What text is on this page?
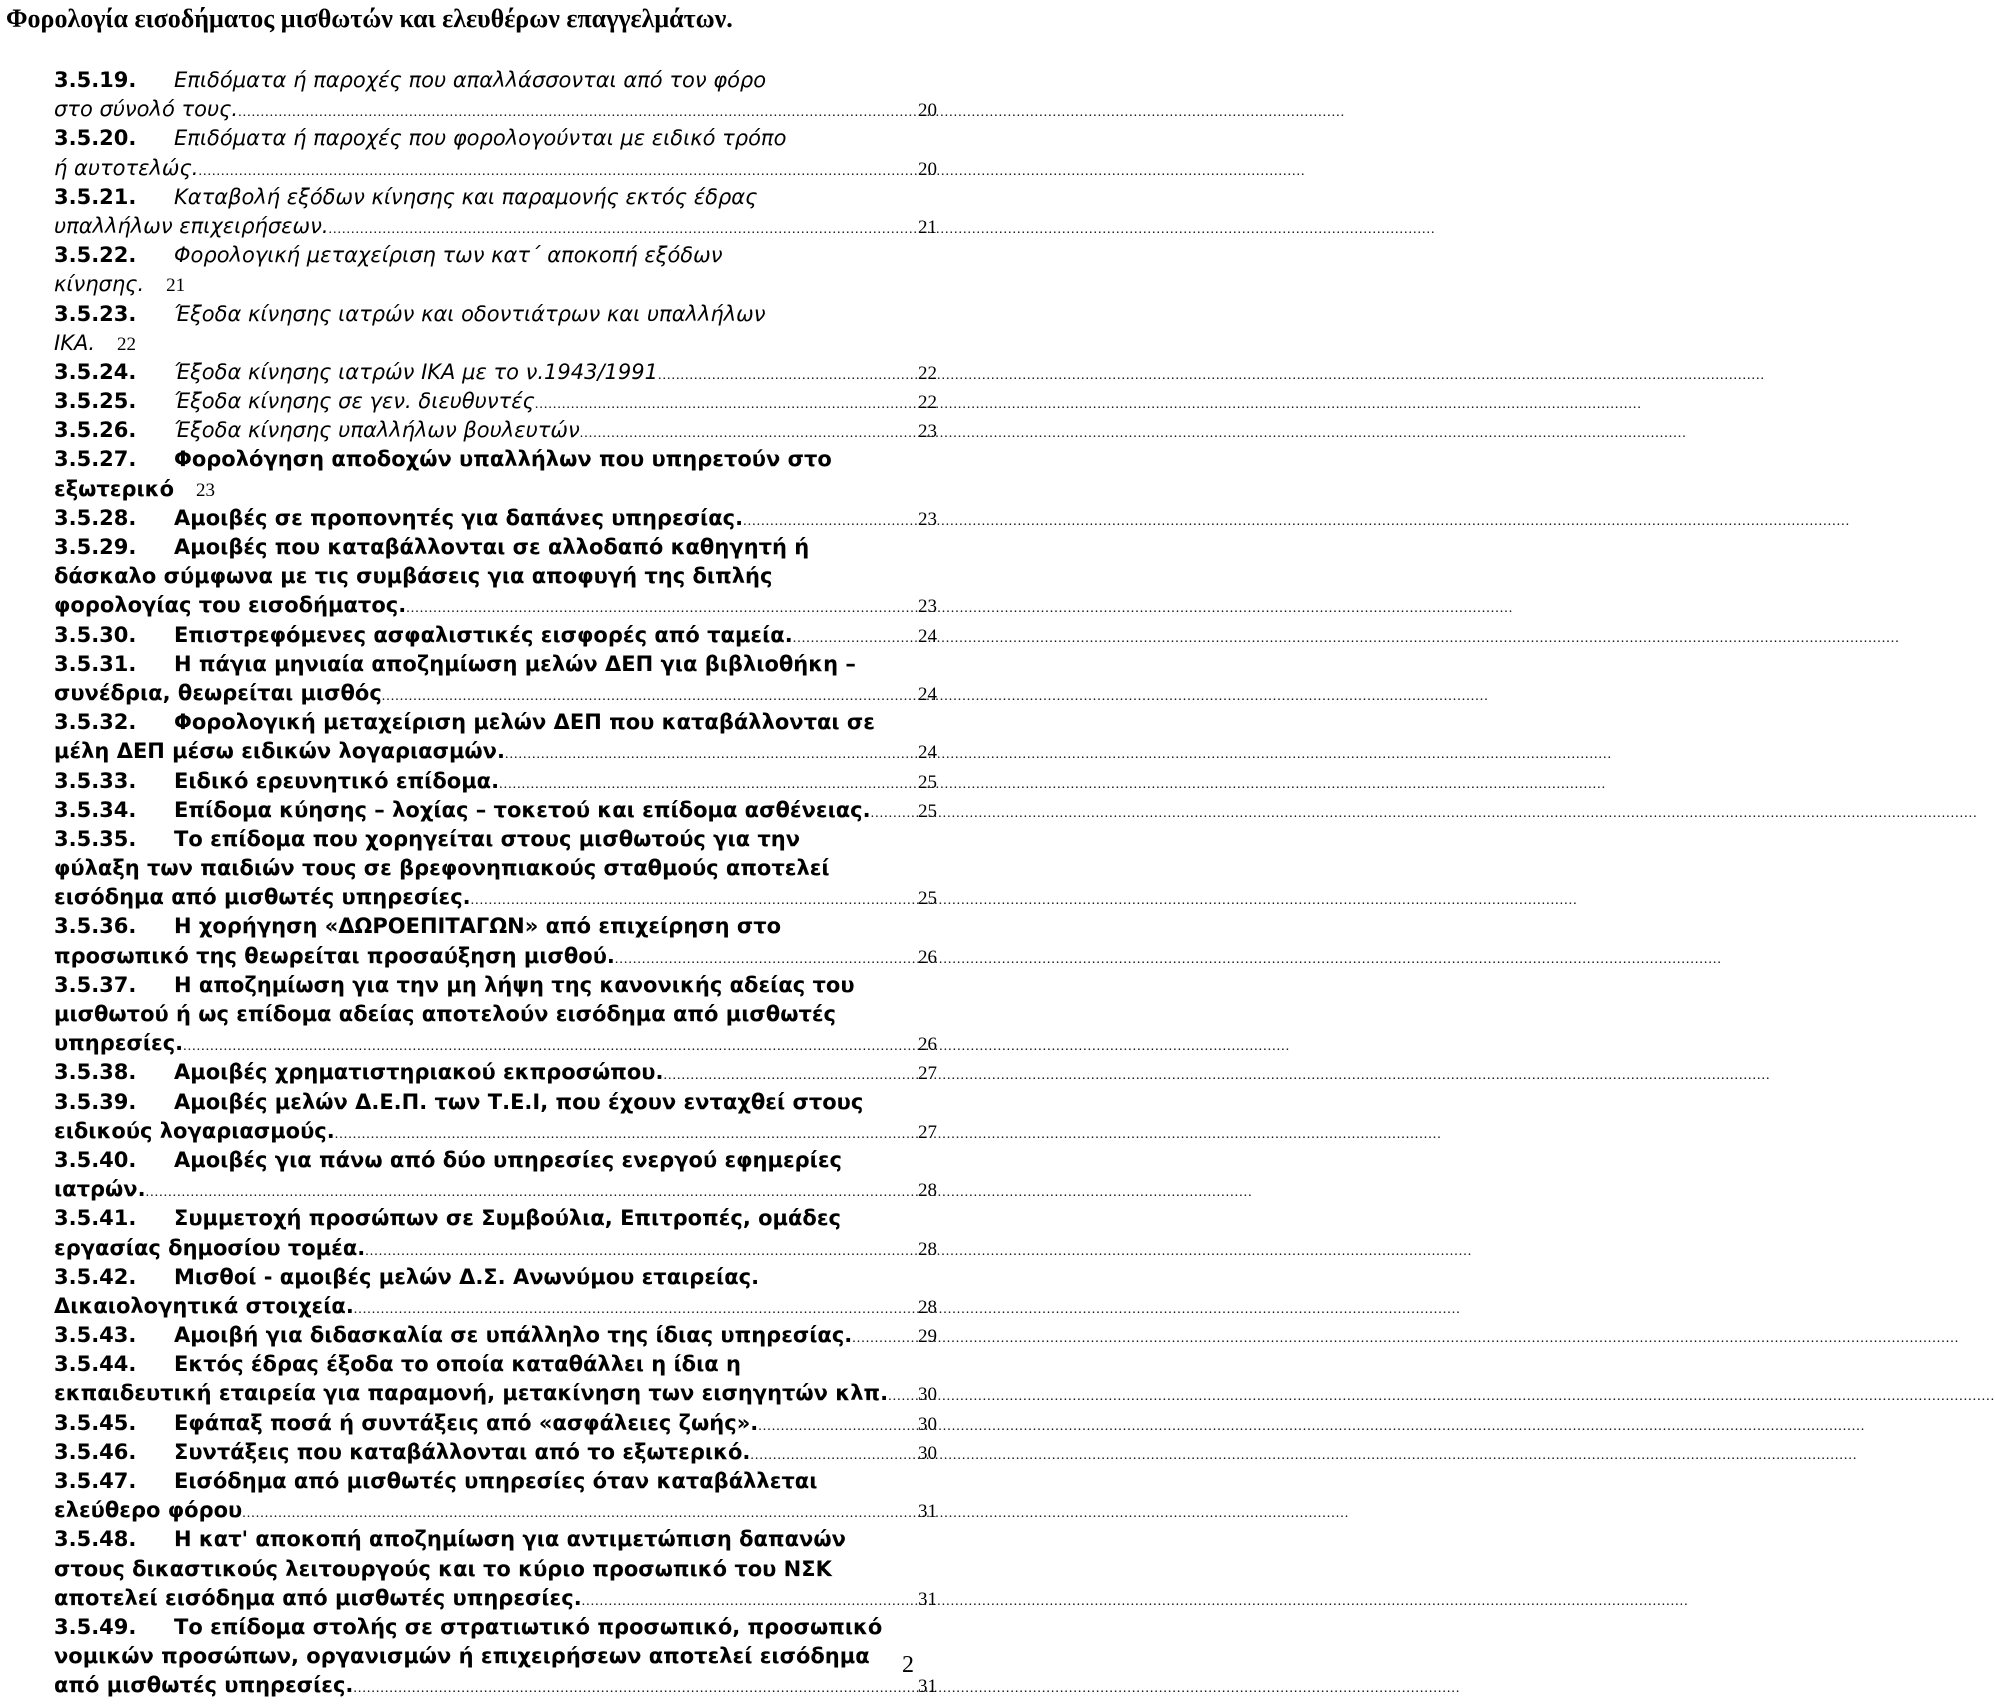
Φορολογία εισοδήματος μισθωτών και ελευθέρων επαγγελμάτων.
3.5.19.	Επιδόματα ή παροχές που απαλλάσσονται από τον φόρο
στο σύνολό τους. .....	20
3.5.20.	Επιδόματα ή παροχές που φορολογούνται με ειδικό τρόπο
ή αυτοτελώς. .....	20
3.5.21.	Καταβολή εξόδων κίνησης και παραμονής εκτός έδρας
υπαλλήλων επιχειρήσεων. .....	21
3.5.22.	Φορολογική μεταχείριση των κατ΄ αποκοπή εξόδων
κίνησης.	21
3.5.23.	Έξοδα κίνησης ιατρών και οδοντιάτρων και υπαλλήλων
ΙΚΑ.	22
3.5.24.	Έξοδα κίνησης ιατρών ΙΚΑ με το ν.1943/1991 .....	22
3.5.25.	Έξοδα κίνησης σε γεν. διευθυντές .....	22
3.5.26.	Έξοδα κίνησης υπαλλήλων βουλευτών .....	23
3.5.27.	Φορολόγηση αποδοχών υπαλλήλων που υπηρετούν στο
εξωτερικό	23
3.5.28.	Αμοιβές σε προπονητές για δαπάνες υπηρεσίας. .....	23
3.5.29.	Αμοιβές που καταβάλλονται σε αλλοδαπό καθηγητή ή
δάσκαλο σύμφωνα με τις συμβάσεις για αποφυγή της διπλής
φορολογίας του εισοδήματος. .....	23
3.5.30.	Επιστρεφόμενες ασφαλιστικές εισφορές από ταμεία. .....	24
3.5.31.	Η πάγια μηνιαία αποζημίωση μελών ΔΕΠ για βιβλιοθήκη –
συνέδρια, θεωρείται μισθός .....	24
3.5.32.	Φορολογική μεταχείριση μελών ΔΕΠ που καταβάλλονται σε
μέλη ΔΕΠ μέσω ειδικών λογαριασμών. .....	24
3.5.33.	Ειδικό ερευνητικό επίδομα. .....	25
3.5.34.	Επίδομα κύησης – λοχίας – τοκετού και επίδομα ασθένειας. ..... 25
3.5.35.	Το επίδομα που χορηγείται στους μισθωτούς για την
φύλαξη των παιδιών τους σε βρεφονηπιακούς σταθμούς αποτελεί
εισόδημα από μισθωτές υπηρεσίες. .....	25
3.5.36.	Η χορήγηση «ΔΩΡΟΕΠΙΤΑΓΩΝ» από επιχείρηση στο
προσωπικό της θεωρείται προσαύξηση μισθού. .....	26
3.5.37.	Η αποζημίωση για την μη λήψη της κανονικής αδείας του
μισθωτού ή ως επίδομα αδείας αποτελούν εισόδημα από μισθωτές
υπηρεσίες. .....	26
3.5.38.	Αμοιβές χρηματιστηριακού εκπροσώπου. .....	27
3.5.39.	Αμοιβές μελών Δ.Ε.Π. των Τ.Ε.Ι, που έχουν ενταχθεί στους
ειδικούς λογαριασμούς. .....	27
3.5.40.	Αμοιβές για πάνω από δύο υπηρεσίες ενεργού εφημερίες
ιατρών. .....	28
3.5.41.	Συμμετοχή προσώπων σε Συμβούλια, Επιτροπές, ομάδες
εργασίας δημοσίου τομέα. .....	28
3.5.42.	Μισθοί - αμοιβές μελών Δ.Σ. Ανωνύμου εταιρείας.
Δικαιολογητικά στοιχεία. .....	28
3.5.43.	Αμοιβή για διδασκαλία σε υπάλληλο της ίδιας υπηρεσίας. .....	29
3.5.44.	Εκτός έδρας έξοδα το οποία καταθάλλει η ίδια η
εκπαιδευτική εταιρεία για παραμονή, μετακίνηση των εισηγητών κλπ. ..... 30
3.5.45.	Εφάπαξ ποσά ή συντάξεις από «ασφάλειες ζωής». .....	30
3.5.46.	Συντάξεις που καταβάλλονται από το εξωτερικό. .....	30
3.5.47.	Εισόδημα από μισθωτές υπηρεσίες όταν καταβάλλεται
ελεύθερο φόρου .....	31
3.5.48.	Η κατ' αποκοπή αποζημίωση για αντιμετώπιση δαπανών
στους δικαστικούς λειτουργούς και το κύριο προσωπικό του ΝΣΚ
αποτελεί εισόδημα από μισθωτές υπηρεσίες. .....	31
3.5.49.	Το επίδομα στολής σε στρατιωτικό προσωπικό, προσωπικό
νομικών προσώπων, οργανισμών ή επιχειρήσεων αποτελεί εισόδημα
από μισθωτές υπηρεσίες. .....	31
2
